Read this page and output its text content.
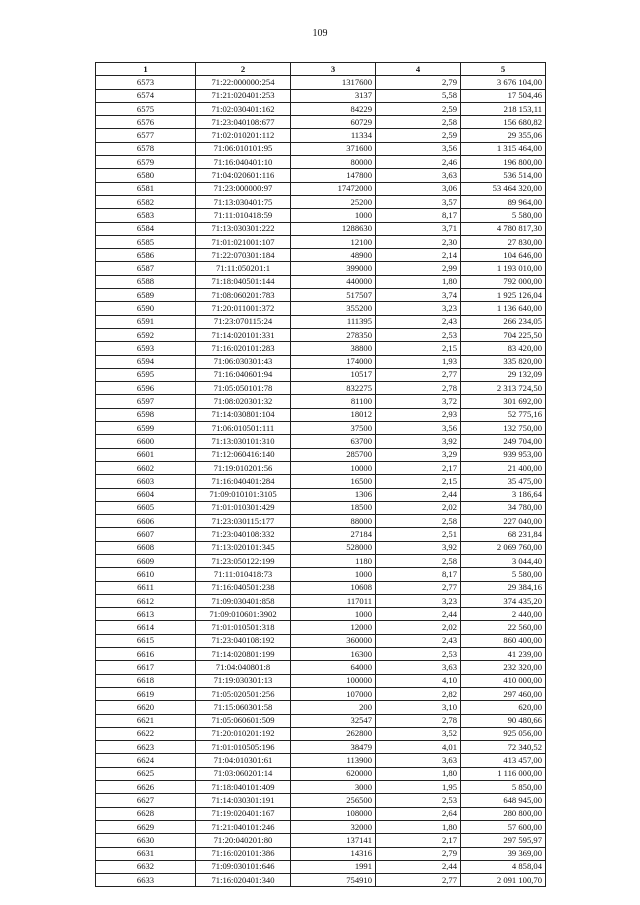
109
1	2	3	4	5
6573	71:22:000000:254	1317600	2,79	3 676 104,00
6574	71:21:020401:253	3137	5,58	17 504,46
6575	71:02:030401:162	84229	2,59	218 153,11
6576	71:23:040108:677	60729	2,58	156 680,82
6577	71:02:010201:112	11334	2,59	29 355,06
6578	71:06:010101:95	371600	3,56	1 315 464,00
6579	71:16:040401:10	80000	2,46	196 800,00
6580	71:04:020601:116	147800	3,63	536 514,00
6581	71:23:000000:97	17472000	3,06	53 464 320,00
6582	71:13:030401:75	25200	3,57	89 964,00
6583	71:11:010418:59	1000	8,17	5 580,00
6584	71:13:030301:222	1288630	3,71	4 780 817,30
6585	71:01:021001:107	12100	2,30	27 830,00
6586	71:22:070301:184	48900	2,14	104 646,00
6587	71:11:050201:1	399000	2,99	1 193 010,00
6588	71:18:040501:144	440000	1,80	792 000,00
6589	71:08:060201:783	517507	3,74	1 925 126,04
6590	71:20:011001:372	355200	3,23	1 136 640,00
6591	71:23:070115:24	111395	2,43	266 234,05
6592	71:14:020101:331	278350	2,53	704 225,50
6593	71:16:020101:283	38800	2,15	83 420,00
6594	71:06:030301:43	174000	1,93	335 820,00
6595	71:16:040601:94	10517	2,77	29 132,09
6596	71:05:050101:78	832275	2,78	2 313 724,50
6597	71:08:020301:32	81100	3,72	301 692,00
6598	71:14:030801:104	18012	2,93	52 775,16
6599	71:06:010501:111	37500	3,56	132 750,00
6600	71:13:030101:310	63700	3,92	249 704,00
6601	71:12:060416:140	285700	3,29	939 953,00
6602	71:19:010201:56	10000	2,17	21 400,00
6603	71:16:040401:284	16500	2,15	35 475,00
6604	71:09:010101:3105	1306	2,44	3 186,64
6605	71:01:010301:429	18500	2,02	34 780,00
6606	71:23:030115:177	88000	2,58	227 040,00
6607	71:23:040108:332	27184	2,51	68 231,84
6608	71:13:020101:345	528000	3,92	2 069 760,00
6609	71:23:050122:199	1180	2,58	3 044,40
6610	71:11:010418:73	1000	8,17	5 580,00
6611	71:16:040501:238	10608	2,77	29 384,16
6612	71:09:030401:858	117011	3,23	374 435,20
6613	71:09:010601:3902	1000	2,44	2 440,00
6614	71:01:010501:318	12000	2,02	22 560,00
6615	71:23:040108:192	360000	2,43	860 400,00
6616	71:14:020801:199	16300	2,53	41 239,00
6617	71:04:040801:8	64000	3,63	232 320,00
6618	71:19:030301:13	100000	4,10	410 000,00
6619	71:05:020501:256	107000	2,82	297 460,00
6620	71:15:060301:58	200	3,10	620,00
6621	71:05:060601:509	32547	2,78	90 480,66
6622	71:20:010201:192	262800	3,52	925 056,00
6623	71:01:010505:196	38479	4,01	72 340,52
6624	71:04:010301:61	113900	3,63	413 457,00
6625	71:03:060201:14	620000	1,80	1 116 000,00
6626	71:18:040101:409	3000	1,95	5 850,00
6627	71:14:030301:191	256500	2,53	648 945,00
6628	71:19:020401:167	108000	2,64	280 800,00
6629	71:21:040101:246	32000	1,80	57 600,00
6630	71:20:040201:80	137141	2,17	297 595,97
6631	71:16:020101:386	14316	2,79	39 369,00
6632	71:09:030101:646	1991	2,44	4 858,04
6633	71:16:020401:340	754910	2,77	2 091 100,70
